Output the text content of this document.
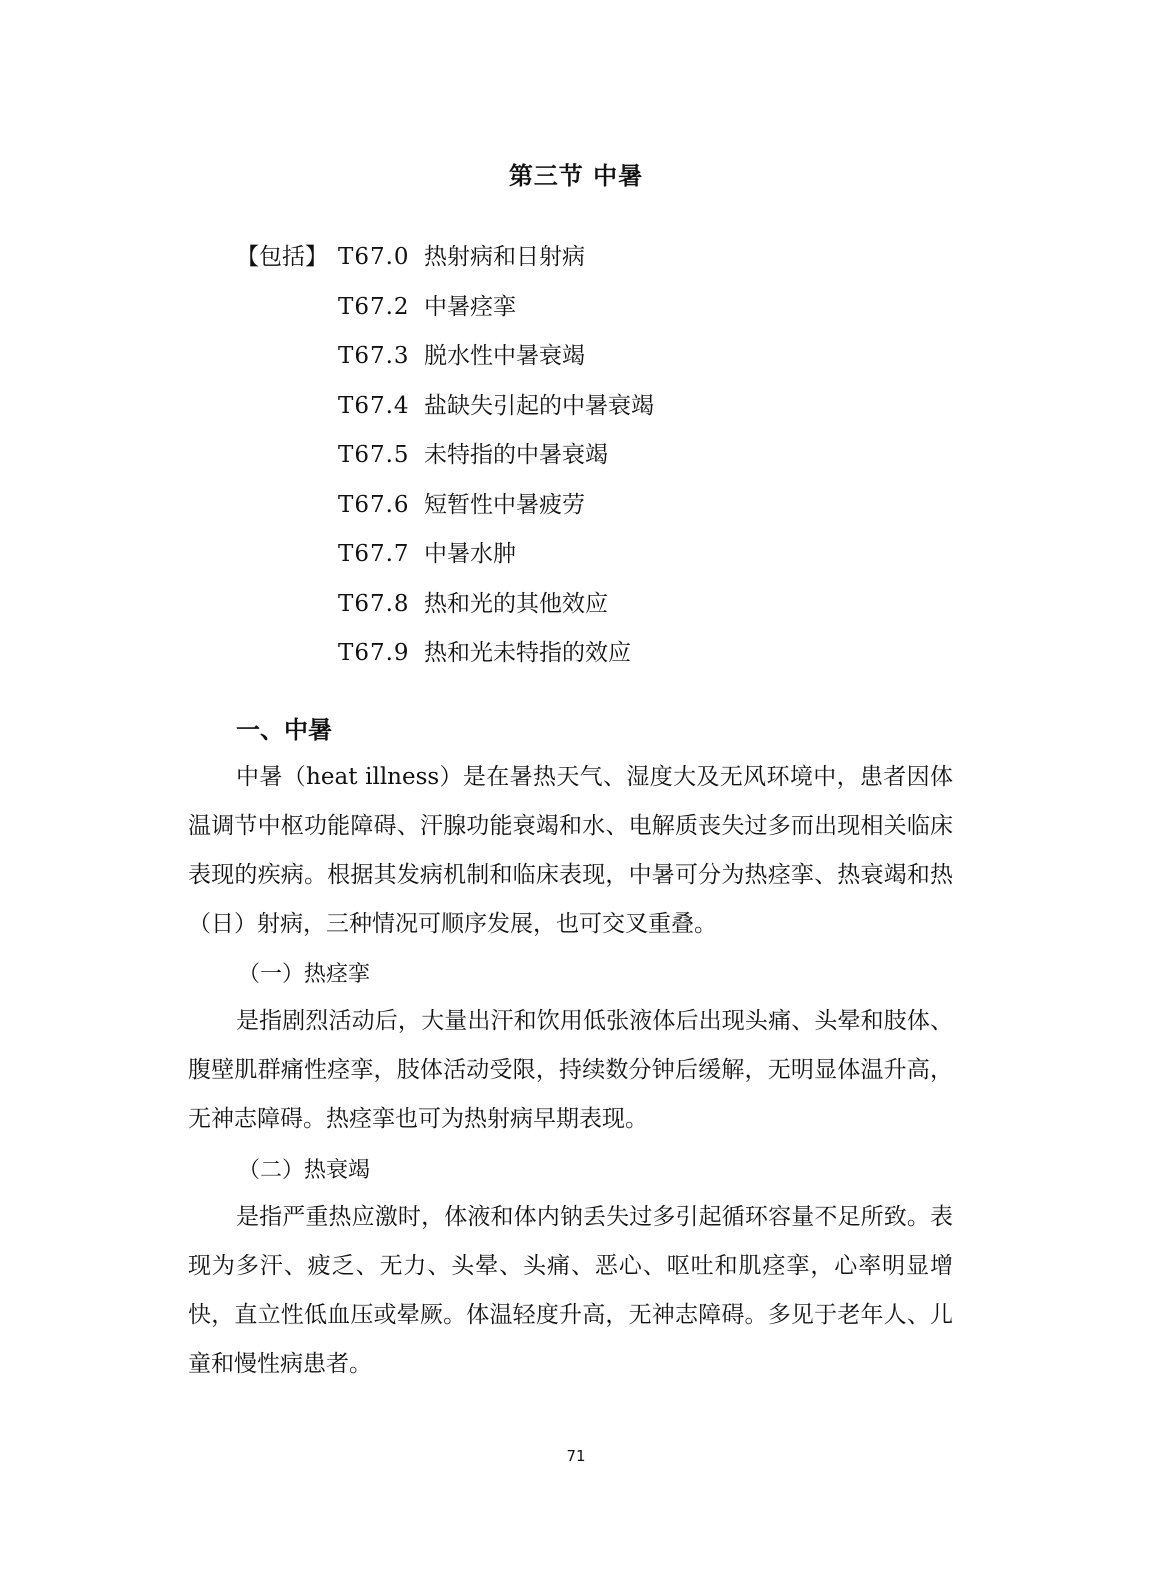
第三节 中暑
【包括】 T67.0 热射病和日射病
T67.2 中暑痉挛
T67.3 脱水性中暑衰竭
T67.4 盐缺失引起的中暑衰竭
T67.5 未特指的中暑衰竭
T67.6 短暂性中暑疲劳
T67.7 中暑水肿
T67.8 热和光的其他效应
T67.9 热和光未特指的效应
一、中暑

中暑（heat illness）是在暑热天气、湿度大及无风环境中，患者因体温调节中枢功能障碍、汗腺功能衰竭和水、电解质丧失过多而出现相关临床表现的疾病。根据其发病机制和临床表现，中暑可分为热痉挛、热衰竭和热（日）射病，三种情况可顺序发展，也可交叉重叠。

（一）热痉挛

是指剧烈活动后，大量出汗和饮用低张液体后出现头痛、头晕和肢体、腹壁肌群痛性痉挛，肢体活动受限，持续数分钟后缓解，无明显体温升高，无神志障碍。热痉挛也可为热射病早期表现。

（二）热衰竭

是指严重热应激时，体液和体内钠丢失过多引起循环容量不足所致。表现为多汗、疲乏、无力、头晕、头痛、恶心、呕吐和肌痉挛，心率明显增快，直立性低血压或晕厥。体温轻度升高，无神志障碍。多见于老年人、儿童和慢性病患者。

71
